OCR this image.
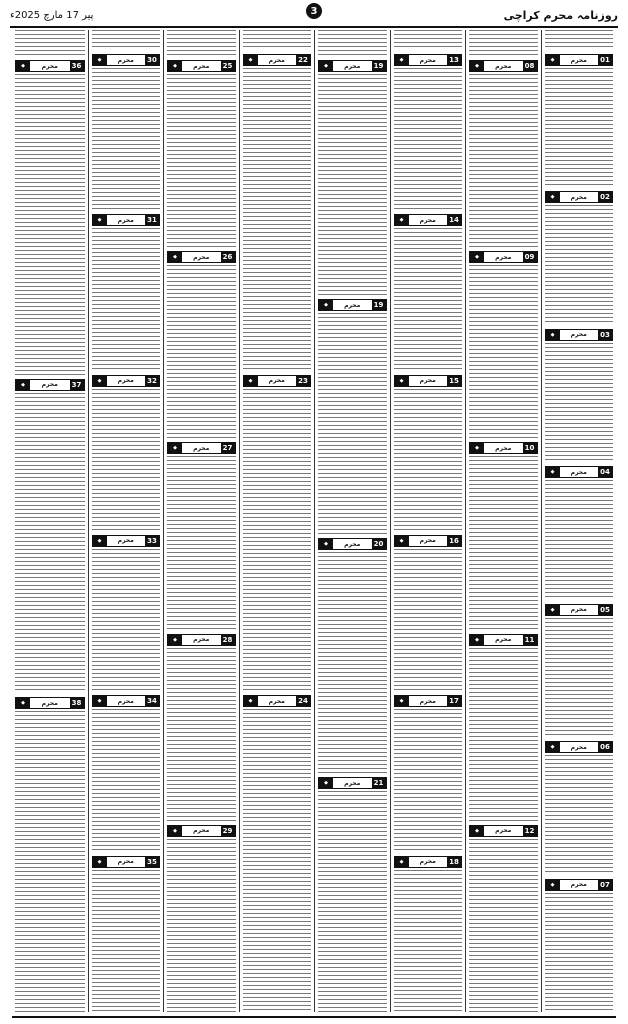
روزنامہ محرم کراچی
پیر 17 مارچ 2025ء	3
01
محرم
◆
02
محرم
◆
03
محرم
◆
04
محرم
◆
05
محرم
◆
06
محرم
◆
07
محرم
◆
08
محرم
◆
09
محرم
◆
10
محرم
◆
11
محرم
◆
12
محرم
◆
13
محرم
◆
14
محرم
◆
15
محرم
◆
16
محرم
◆
17
محرم
◆
18
محرم
◆
19
محرم
◆
19
محرم
◆
20
محرم
◆
21
محرم
◆
22
محرم
◆
23
محرم
◆
24
محرم
◆
25
محرم
◆
26
محرم
◆
27
محرم
◆
28
محرم
◆
29
محرم
◆
30
محرم
◆
31
محرم
◆
32
محرم
◆
33
محرم
◆
34
محرم
◆
35
محرم
◆
36
محرم
◆
37
محرم
◆
38
محرم
◆
